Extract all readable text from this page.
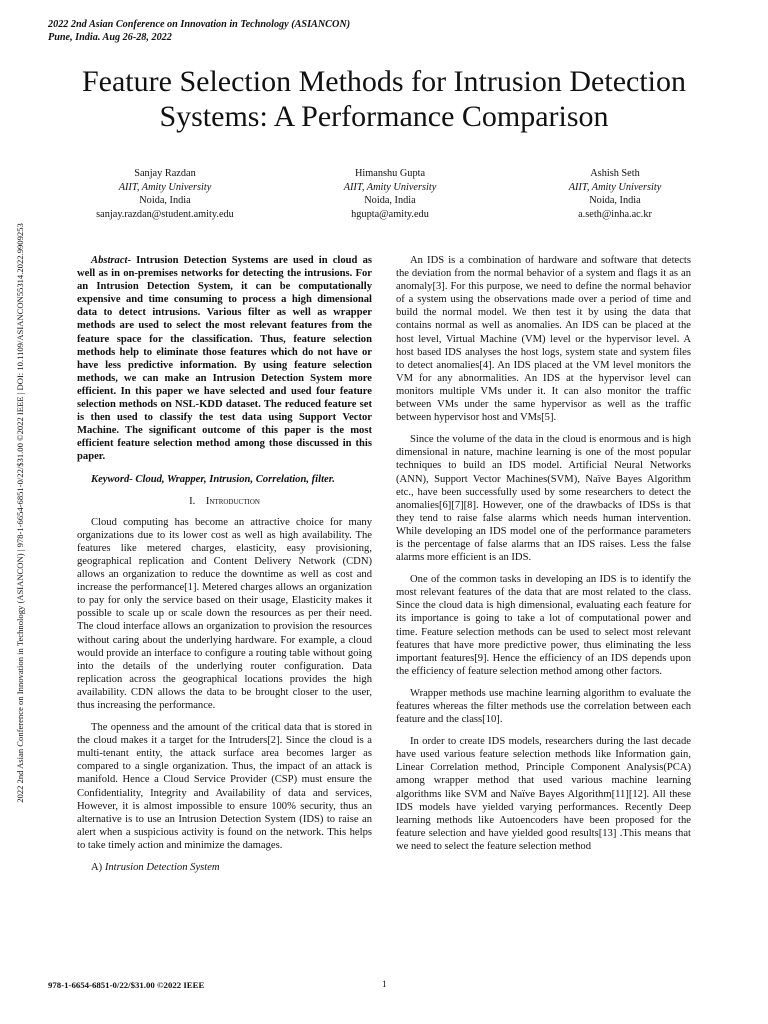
2022 2nd Asian Conference on Innovation in Technology (ASIANCON)
Pune, India. Aug 26-28, 2022
Feature Selection Methods for Intrusion Detection
Systems: A Performance Comparison
Sanjay Razdan
AIIT, Amity University
Noida, India
sanjay.razdan@student.amity.edu
Himanshu Gupta
AIIT, Amity University
Noida, India
hgupta@amity.edu
Ashish Seth
AIIT, Amity University
Noida, India
a.seth@inha.ac.kr
2022 2nd Asian Conference on Innovation in Technology (ASIANCON) | 978-1-6654-6851-0/22/$31.00 ©2022 IEEE | DOI: 10.1109/ASIANCON55314.2022.9909253	Abstract- Intrusion Detection Systems are used in cloud as well as in on-premises networks for detecting the intrusions. For an Intrusion Detection System, it can be computationally expensive and time consuming to process a high dimensional data to detect intrusions. Various filter as well as wrapper methods are used to select the most relevant features from the feature space for the classification. Thus, feature selection methods help to eliminate those features which do not have or have less predictive information. By using feature selection methods, we can make an Intrusion Detection System more efficient. In this paper we have selected and used four feature selection methods on NSL-KDD dataset. The reduced feature set is then used to classify the test data using Support Vector Machine. The significant outcome of this paper is the most efficient feature selection method among those discussed in this paper.

Keyword- Cloud, Wrapper, Intrusion, Correlation, filter.

I. Introduction

Cloud computing has become an attractive choice for many organizations due to its lower cost as well as high availability. The features like metered charges, elasticity, easy provisioning, geographical replication and Content Delivery Network (CDN) allows an organization to reduce the downtime as well as cost and increase the performance[1]. Metered charges allows an organization to pay for only the service based on their usage, Elasticity makes it possible to scale up or scale down the resources as per their need. The cloud interface allows an organization to provision the resources without caring about the underlying hardware. For example, a cloud would provide an interface to configure a routing table without going into the details of the underlying router configuration. Data replication across the geographical locations provides the high availability. CDN allows the data to be brought closer to the user, thus increasing the performance.

The openness and the amount of the critical data that is stored in the cloud makes it a target for the Intruders[2]. Since the cloud is a multi-tenant entity, the attack surface area becomes larger as compared to a single organization. Thus, the impact of an attack is manifold. Hence a Cloud Service Provider (CSP) must ensure the Confidentiality, Integrity and Availability of data and services, However, it is almost impossible to ensure 100% security, thus an alternative is to use an Intrusion Detection System (IDS) to raise an alert when a suspicious activity is found on the network. This helps to take timely action and minimize the damages.

A) Intrusion Detection System

An IDS is a combination of hardware and software that detects the deviation from the normal behavior of a system and flags it as an anomaly[3]. For this purpose, we need to define the normal behavior of a system using the observations made over a period of time and build the normal model. We then test it by using the data that contains normal as well as anomalies. An IDS can be placed at the host level, Virtual Machine (VM) level or the hypervisor level. A host based IDS analyses the host logs, system state and system files to detect anomalies[4]. An IDS placed at the VM level monitors the VM for any abnormalities. An IDS at the hypervisor level can monitors multiple VMs under it. It can also monitor the traffic between VMs under the same hypervisor as well as the traffic between hypervisor host and VMs[5].

Since the volume of the data in the cloud is enormous and is high dimensional in nature, machine learning is one of the most popular techniques to build an IDS model. Artificial Neural Networks (ANN), Support Vector Machines(SVM), Naïve Bayes Algorithm etc., have been successfully used by some researchers to detect the anomalies[6][7][8]. However, one of the drawbacks of IDSs is that they tend to raise false alarms which needs human intervention. While developing an IDS model one of the performance parameters is the percentage of false alarms that an IDS raises. Less the false alarms more efficient is an IDS.

One of the common tasks in developing an IDS is to identify the most relevant features of the data that are most related to the class. Since the cloud data is high dimensional, evaluating each feature for its importance is going to take a lot of computational power and time. Feature selection methods can be used to select most relevant features that have more predictive power, thus eliminating the less important features[9]. Hence the efficiency of an IDS depends upon the efficiency of feature selection method among other factors.

Wrapper methods use machine learning algorithm to evaluate the features whereas the filter methods use the correlation between each feature and the class[10].

In order to create IDS models, researchers during the last decade have used various feature selection methods like Information gain, Linear Correlation method, Principle Component Analysis(PCA) among wrapper method that used various machine learning algorithms like SVM and Naïve Bayes Algorithm[11][12]. All these IDS models have yielded varying performances. Recently Deep learning methods like Autoencoders have been proposed for the feature selection and have yielded good results[13] .This means that we need to select the feature selection method

978-1-6654-6851-0/22/$31.00 ©2022 IEEE	1
